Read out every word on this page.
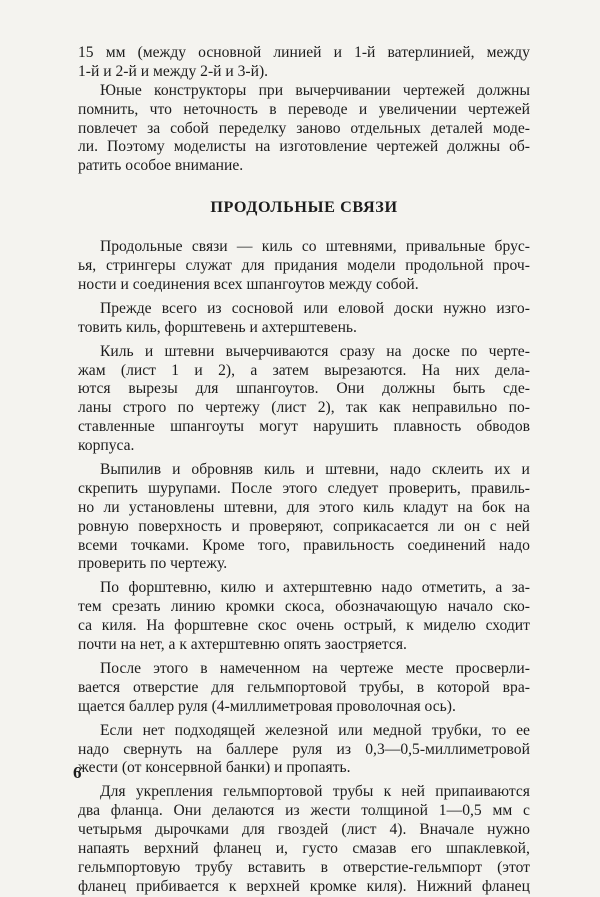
15 мм (между основной линией и 1-й ватерлинией, между
1-й и 2-й и между 2-й и 3-й).
Юные конструкторы при вычерчивании чертежей должны
помнить, что неточность в переводе и увеличении чертежей
повлечет за собой переделку заново отдельных деталей моде-
ли. Поэтому моделисты на изготовление чертежей должны об-
ратить особое внимание.
ПРОДОЛЬНЫЕ СВЯЗИ
Продольные связи — киль со штевнями, привальные брус-
ья, стрингеры служат для придания модели продольной проч-
ности и соединения всех шпангоутов между собой.
Прежде всего из сосновой или еловой доски нужно изго-
товить киль, форштевень и ахтерштевень.
Киль и штевни вычерчиваются сразу на доске по черте-
жам (лист 1 и 2), а затем вырезаются. На них дела-
ются вырезы для шпангоутов. Они должны быть сде-
ланы строго по чертежу (лист 2), так как неправильно по-
ставленные шпангоуты могут нарушить плавность обводов
корпуса.
Выпилив и обровняв киль и штевни, надо склеить их и
скрепить шурупами. После этого следует проверить, правиль-
но ли установлены штевни, для этого киль кладут на бок на
ровную поверхность и проверяют, соприкасается ли он с ней
всеми точками. Кроме того, правильность соединений надо
проверить по чертежу.
По форштевню, килю и ахтерштевню надо отметить, а за-
тем срезать линию кромки скоса, обозначающую начало ско-
са киля. На форштевне скос очень острый, к миделю сходит
почти на нет, а к ахтерштевню опять заостряется.
После этого в намеченном на чертеже месте просверли-
вается отверстие для гельмпортовой трубы, в которой вра-
щается баллер руля (4-миллиметровая проволочная ось).
Если нет подходящей железной или медной трубки, то ее
надо свернуть на баллере руля из 0,3—0,5-миллиметровой
жести (от консервной банки) и пропаять.
Для укрепления гельмпортовой трубы к ней припаиваются
два фланца. Они делаются из жести толщиной 1—0,5 мм с
четырьмя дырочками для гвоздей (лист 4). Вначале нужно
напаять верхний фланец и, густо смазав его шпаклевкой,
гельмпортовую трубу вставить в отверстие-гельмпорт (этот
фланец прибивается к верхней кромке киля). Нижний фланец
6
